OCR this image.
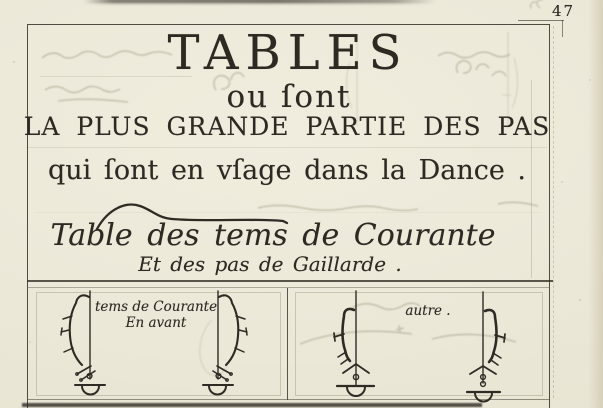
47
TABLES
ou ſont
LA PLUS GRANDE PARTIE DES PAS
qui ſont en vſage dans la Dance .
Table des tems de Courante
Et des pas de Gaillarde .
tems de Courante
En avant
autre .
